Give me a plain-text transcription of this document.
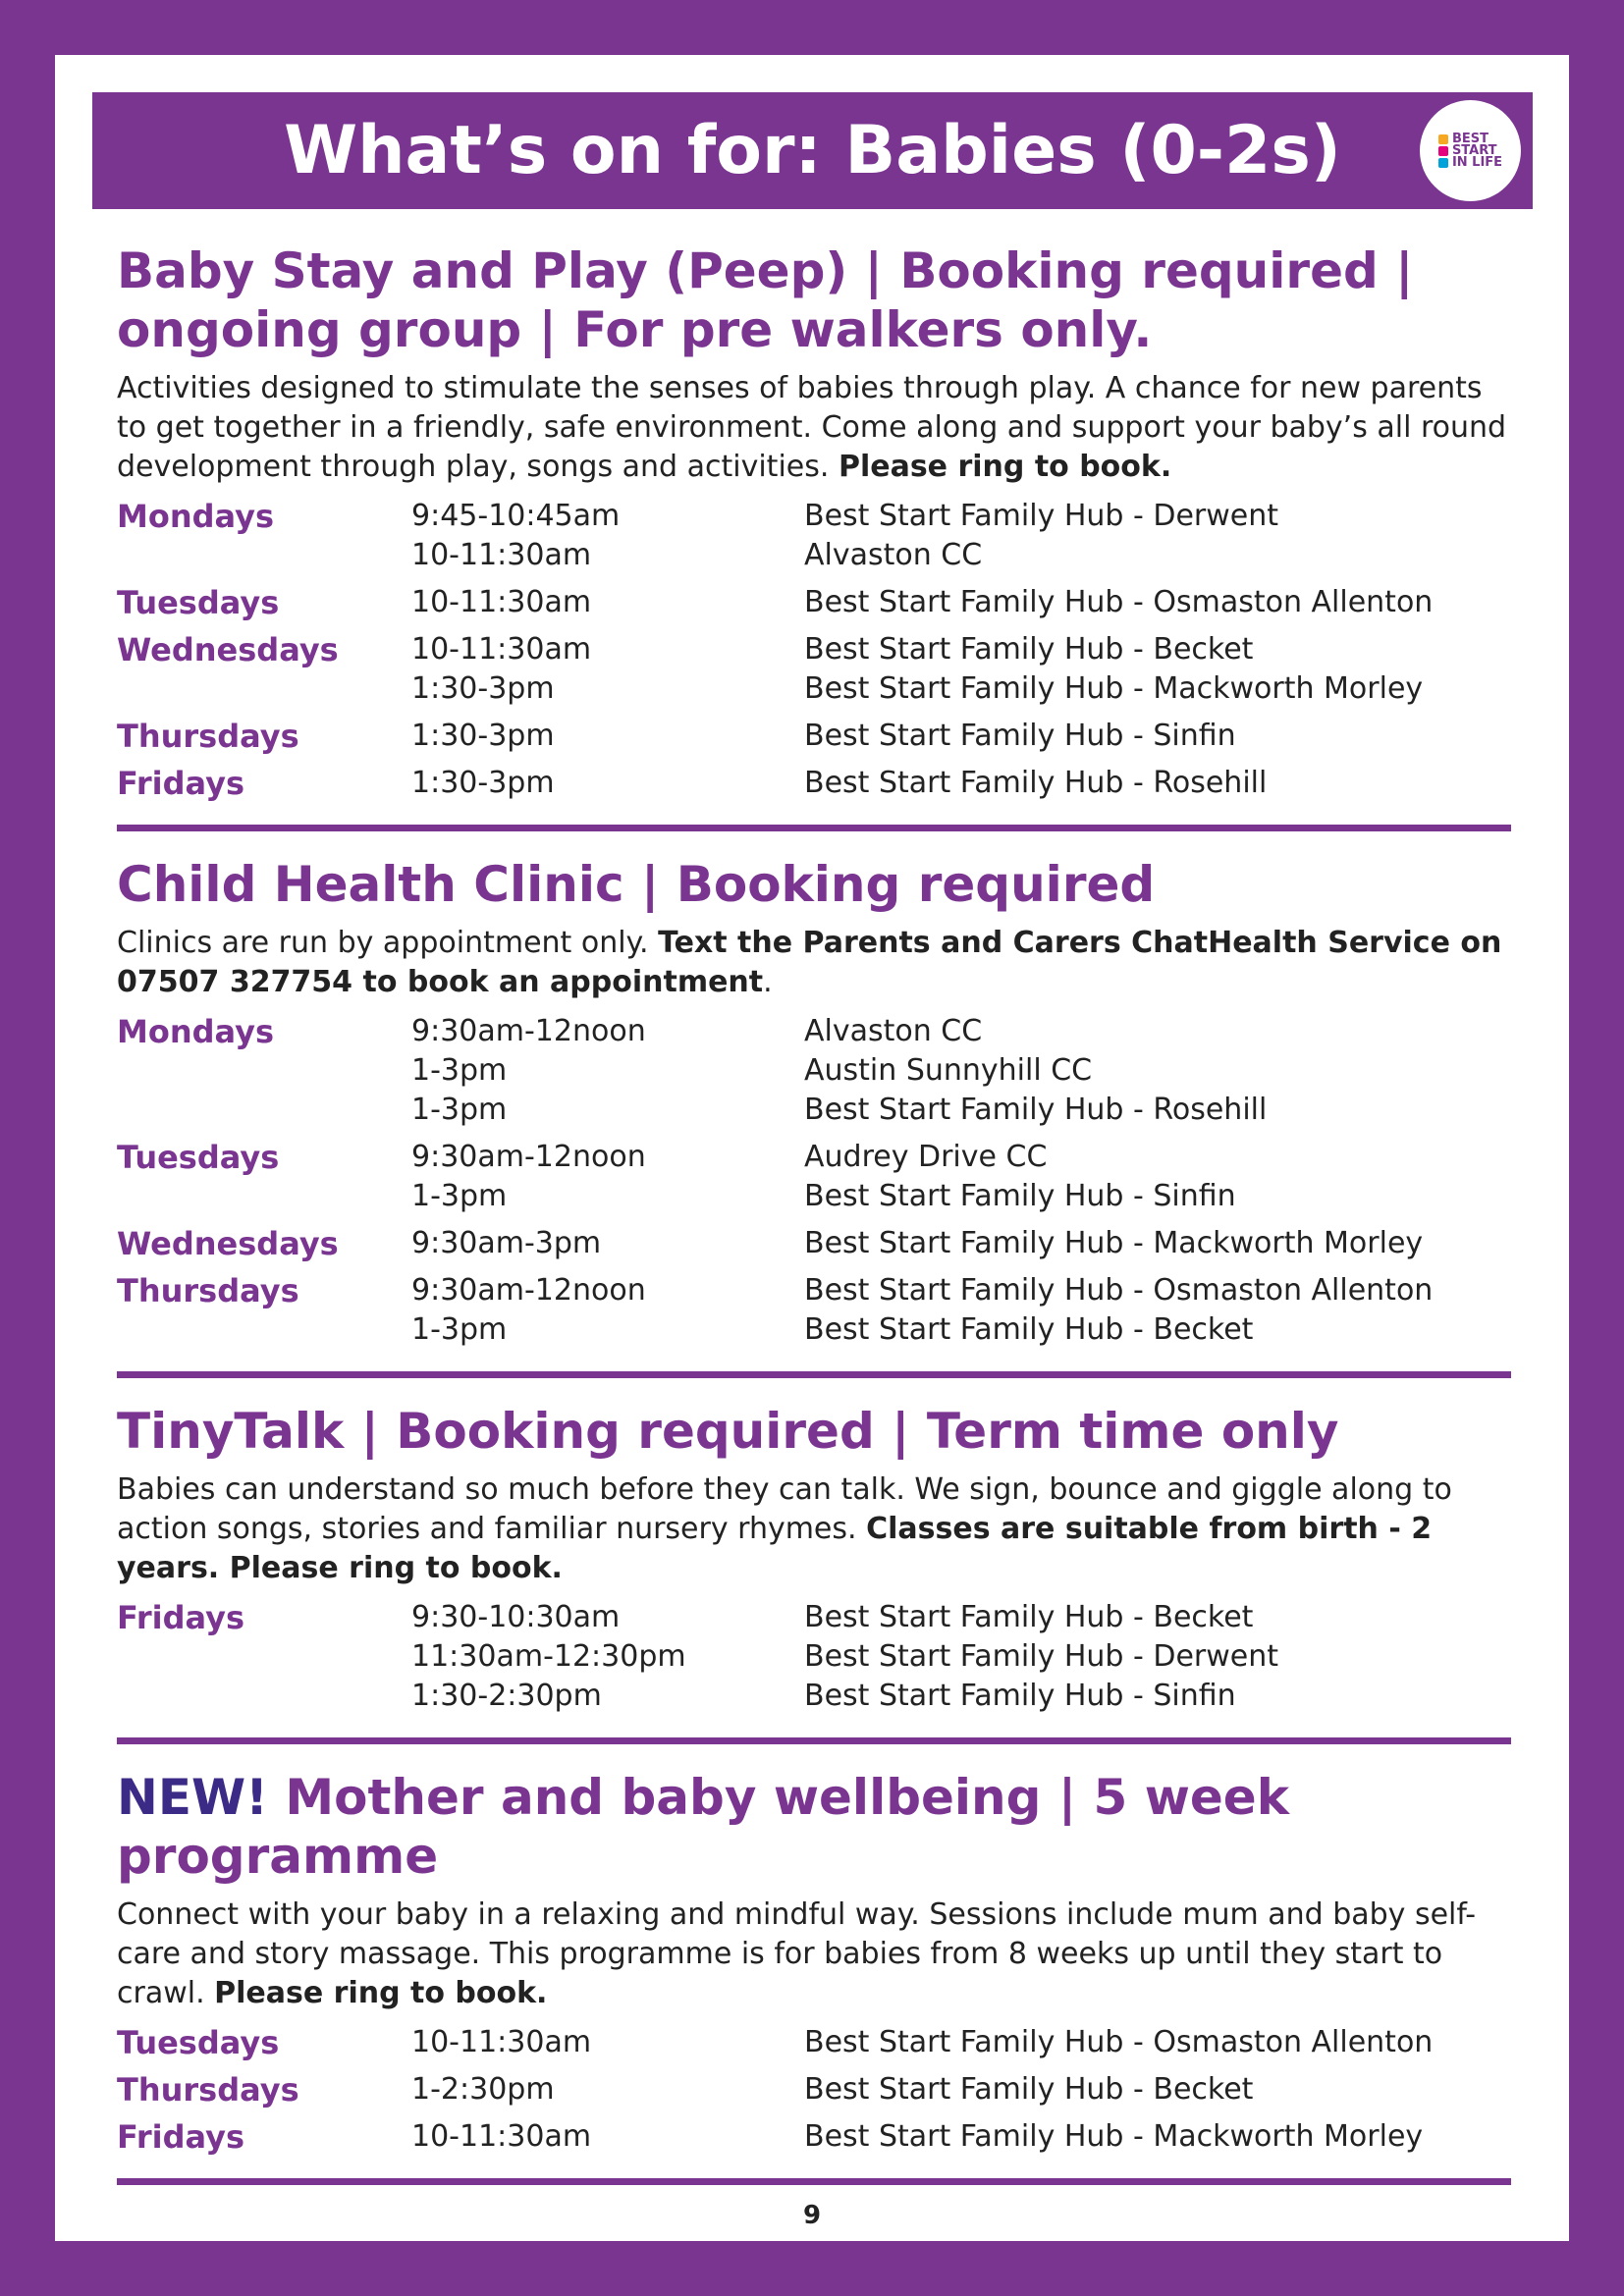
What’s on for: Babies (0-2s)	BEST
START
IN LIFE
Baby Stay and Play (Peep) | Booking required | ongoing group | For pre walkers only.

Activities designed to stimulate the senses of babies through play. A chance for new parents to get together in a friendly, safe environment. Come along and support your baby’s all round development through play, songs and activities. Please ring to book.

Mondays	9:45-10:45am	Best Start Family Hub - Derwent
10-11:30am	Alvaston CC
Tuesdays	10-11:30am	Best Start Family Hub - Osmaston Allenton
Wednesdays	10-11:30am	Best Start Family Hub - Becket
1:30-3pm	Best Start Family Hub - Mackworth Morley
Thursdays	1:30-3pm	Best Start Family Hub - Sinfin
Fridays	1:30-3pm	Best Start Family Hub - Rosehill
Child Health Clinic | Booking required

Clinics are run by appointment only. Text the Parents and Carers ChatHealth Service on 07507 327754 to book an appointment.

Mondays	9:30am-12noon	Alvaston CC
1-3pm	Austin Sunnyhill CC
1-3pm	Best Start Family Hub - Rosehill
Tuesdays	9:30am-12noon	Audrey Drive CC
1-3pm	Best Start Family Hub - Sinfin
Wednesdays	9:30am-3pm	Best Start Family Hub - Mackworth Morley
Thursdays	9:30am-12noon	Best Start Family Hub - Osmaston Allenton
1-3pm	Best Start Family Hub - Becket
TinyTalk | Booking required | Term time only

Babies can understand so much before they can talk. We sign, bounce and giggle along to action songs, stories and familiar nursery rhymes. Classes are suitable from birth - 2 years. Please ring to book.

Fridays	9:30-10:30am	Best Start Family Hub - Becket
11:30am-12:30pm	Best Start Family Hub - Derwent
1:30-2:30pm	Best Start Family Hub - Sinfin
NEW! Mother and baby wellbeing | 5 week programme

Connect with your baby in a relaxing and mindful way. Sessions include mum and baby self-care and story massage. This programme is for babies from 8 weeks up until they start to crawl. Please ring to book.

Tuesdays	10-11:30am	Best Start Family Hub - Osmaston Allenton
Thursdays	1-2:30pm	Best Start Family Hub - Becket
Fridays	10-11:30am	Best Start Family Hub - Mackworth Morley
9
